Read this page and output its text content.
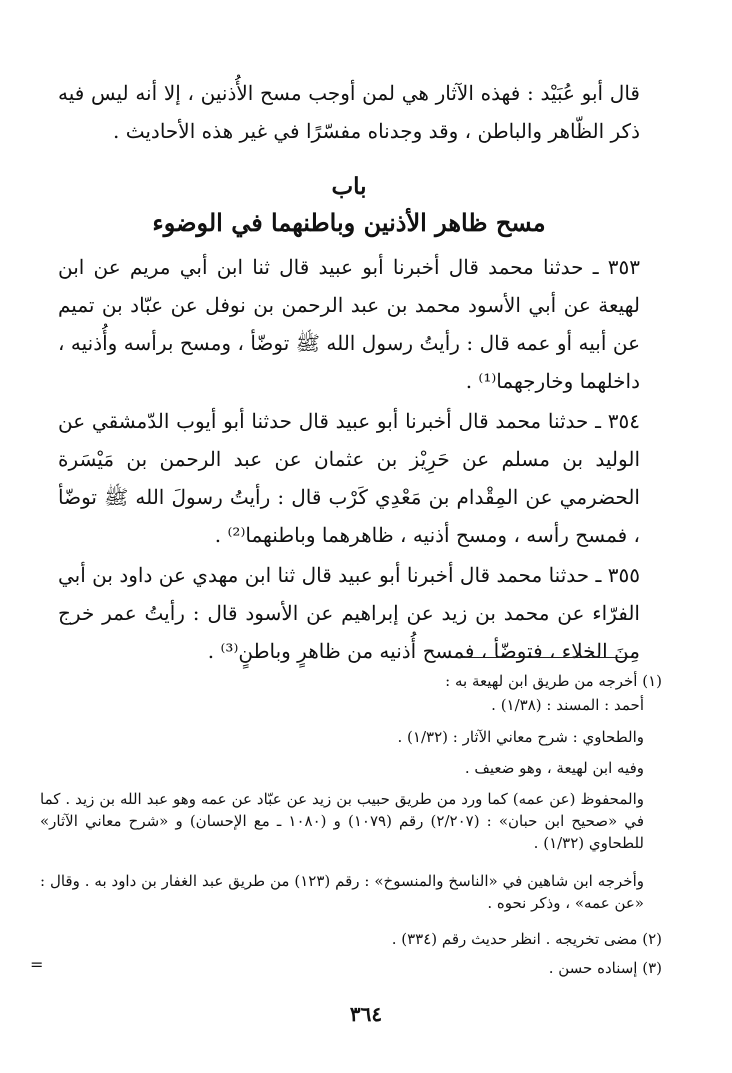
قال أبو عُبَيْد : فهذه الآثار هي لمن أوجب مسح الأُذنين ، إلا أنه ليس فيه ذكر الظّاهر والباطن ، وقد وجدناه مفسّرًا في غير هذه الأحاديث .

باب

مسح ظاهر الأذنين وباطنهما في الوضوء

٣٥٣ ـ حدثنا محمد قال أخبرنا أبو عبيد قال ثنا ابن أبي مريم عن ابن لهيعة عن أبي الأسود محمد بن عبد الرحمن بن نوفل عن عبّاد بن تميم عن أبيه أو عمه قال : رأيتُ رسول الله ﷺ توضّأ ، ومسح برأسه وأُذنيه ، داخلهما وخارجهما⁽¹⁾ .

٣٥٤ ـ حدثنا محمد قال أخبرنا أبو عبيد قال حدثنا أبو أيوب الدّمشقي عن الوليد بن مسلم عن حَرِيْز بن عثمان عن عبد الرحمن بن مَيْسَرة الحضرمي عن المِقْدام بن مَعْدِي كَرْب قال : رأيتُ رسولَ الله ﷺ توضّأ ، فمسح رأسه ، ومسح أذنيه ، ظاهرهما وباطنهما⁽²⁾ .

٣٥٥ ـ حدثنا محمد قال أخبرنا أبو عبيد قال ثنا ابن مهدي عن داود بن أبي الفرّاء عن محمد بن زيد عن إبراهيم عن الأسود قال : رأيتُ عمر خرج مِنَ الخلاء ، فتوضّأ ، فمسح أُذنيه من ظاهرٍ وباطنٍ⁽³⁾ .

(١) أخرجه من طريق ابن لهيعة به :

أحمد : المسند : (١/٣٨) .

والطحاوي : شرح معاني الآثار : (١/٣٢) .

وفيه ابن لهيعة ، وهو ضعيف .

والمحفوظ (عن عمه) كما ورد من طريق حبيب بن زيد عن عبّاد عن عمه وهو عبد الله بن زيد . كما في «صحيح ابن حبان» : (٢/٢٠٧) رقم (١٠٧٩) و (١٠٨٠ ـ مع الإحسان) و «شرح معاني الآثار» للطحاوي (١/٣٢) .

وأخرجه ابن شاهين في «الناسخ والمنسوخ» : رقم (١٢٣) من طريق عبد الغفار بن داود به . وقال : «عن عمه» ، وذكر نحوه .

(٢) مضى تخريجه . انظر حديث رقم (٣٣٤) .

(٣) إسناده حسن .

=
٣٦٤
